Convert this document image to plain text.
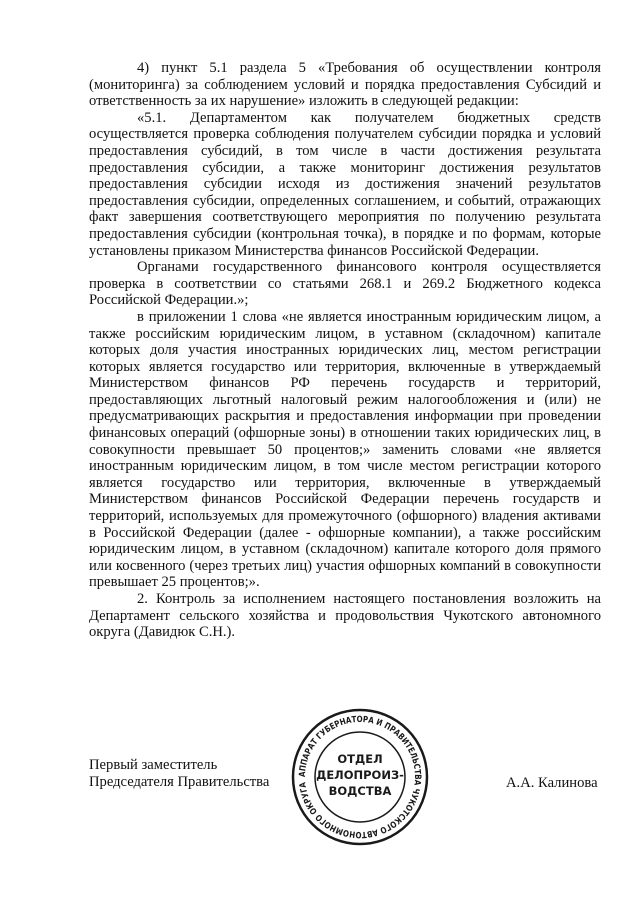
4) пункт 5.1 раздела 5 «Требования об осуществлении контроля (мониторинга) за соблюдением условий и порядка предоставления Субсидий и ответственность за их нарушение» изложить в следующей редакции:

«5.1. Департаментом как получателем бюджетных средств осуществляется проверка соблюдения получателем субсидии порядка и условий предоставления субсидий, в том числе в части достижения результата предоставления субсидии, а также мониторинг достижения результатов предоставления субсидии исходя из достижения значений результатов предоставления субсидии, определенных соглашением, и событий, отражающих факт завершения соответствующего мероприятия по получению результата предоставления субсидии (контрольная точка), в порядке и по формам, которые установлены приказом Министерства финансов Российской Федерации.

Органами государственного финансового контроля осуществляется проверка в соответствии со статьями 268.1 и 269.2 Бюджетного кодекса Российской Федерации.»;

в приложении 1 слова «не является иностранным юридическим лицом, а также российским юридическим лицом, в уставном (складочном) капитале которых доля участия иностранных юридических лиц, местом регистрации которых является государство или территория, включенные в утверждаемый Министерством финансов РФ перечень государств и территорий, предоставляющих льготный налоговый режим налогообложения и (или) не предусматривающих раскрытия и предоставления информации при проведении финансовых операций (офшорные зоны) в отношении таких юридических лиц, в совокупности превышает 50 процентов;» заменить словами «не является иностранным юридическим лицом, в том числе местом регистрации которого является государство или территория, включенные в утверждаемый Министерством финансов Российской Федерации перечень государств и территорий, используемых для промежуточного (офшорного) владения активами в Российской Федерации (далее - офшорные компании), а также российским юридическим лицом, в уставном (складочном) капитале которого доля прямого или косвенного (через третьих лиц) участия офшорных компаний в совокупности превышает 25 процентов;».

2. Контроль за исполнением настоящего постановления возложить на Департамент сельского хозяйства и продовольствия Чукотского автономного округа (Давидюк С.Н.).

Первый заместитель
Председателя Правительства	А.А. Калинова
АППАРАТ ГУБЕРНАТОРА И ПРАВИТЕЛЬСТВА ЧУКОТСКОГО АВТОНОМНОГО ОКРУГА
ОТДЕЛ
ДЕЛОПРОИЗ-
ВОДСТВА
